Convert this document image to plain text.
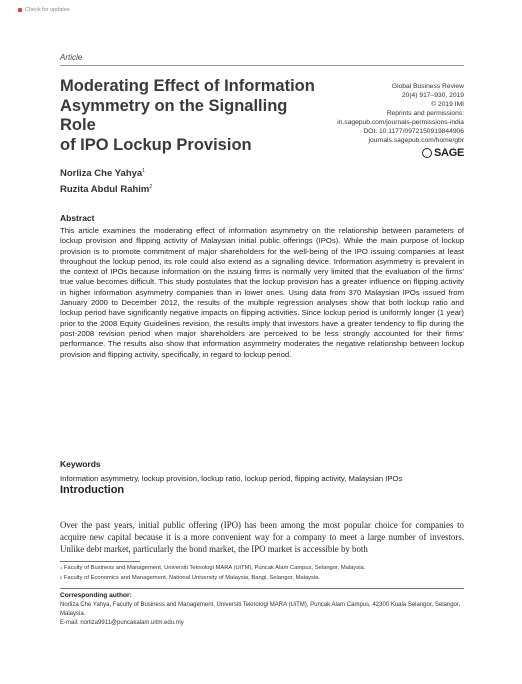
Check for updates
Article
Moderating Effect of Information
Asymmetry on the Signalling Role
of IPO Lockup Provision
Global Business Review
20(4) 917–930, 2019
© 2019 IMI
Reprints and permissions:
in.sagepub.com/journals-permissions-india
DOI: 10.1177/0972150919844906
journals.sagepub.com/home/gbr
SAGE
Norliza Che Yahya$^1$
Ruzita Abdul Rahim$^2$
Abstract
This article examines the moderating effect of information asymmetry on the relationship between parameters of lockup provision and flipping activity of Malaysian initial public offerings (IPOs). While the main purpose of lockup provision is to promote commitment of major shareholders for the well-being of the IPO issuing companies at least throughout the lockup period, its role could also extend as a signalling device. Information asymmetry is prevalent in the context of IPOs because information on the issuing firms is normally very limited that the evaluation of the firms’ true value becomes difficult. This study postulates that the lockup provision has a greater influence on flipping activity in higher information asymmetry companies than in lower ones. Using data from 370 Malaysian IPOs issued from January 2000 to December 2012, the results of the multiple regression analyses show that both lockup ratio and lockup period have significantly negative impacts on flipping activities. Since lockup period is uniformly longer (1 year) prior to the 2008 Equity Guidelines revision, the results imply that investors have a greater tendency to flip during the post-2008 revision period when major shareholders are perceived to be less strongly accounted for their firms’ performance. The results also show that information asymmetry moderates the negative relationship between lockup provision and flipping activity, specifically, in regard to lockup period.
Keywords
Information asymmetry, lockup provision, lockup ratio, lockup period, flipping activity, Malaysian IPOs
Introduction
Over the past years, initial public offering (IPO) has been among the most popular choice for companies to acquire new capital because it is a more convenient way for a company to meet a large number of investors. Unlike debt market, particularly the bond market, the IPO market is accessible by both
$^1$ Faculty of Business and Management, Universiti Teknologi MARA (UiTM), Puncak Alam Campus, Selangor, Malaysia.
$^2$ Faculty of Economics and Management, National University of Malaysia, Bangi, Selangor, Malaysia.
Corresponding author:
Norliza Che Yahya, Faculty of Business and Management, Universiti Teknologi MARA (UiTM), Puncak Alam Campus, 42300 Kuala Selangor, Selangor, Malaysia.
E-mail: norliza9911@puncakalam.uitm.edu.my
